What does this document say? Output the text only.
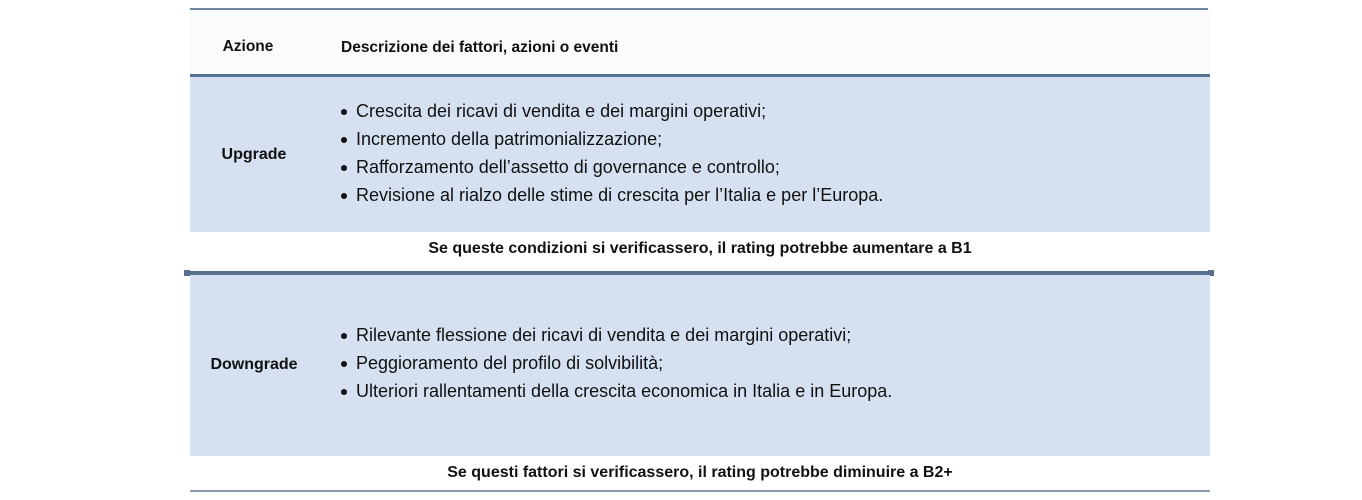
Azione	Descrizione dei fattori, azioni o eventi
Upgrade
Crescita dei ricavi di vendita e dei margini operativi;
Incremento della patrimonializzazione;
Rafforzamento dell’assetto di governance e controllo;
Revisione al rialzo delle stime di crescita per l’Italia e per l’Europa.
Se queste condizioni si verificassero, il rating potrebbe aumentare a B1
Downgrade
Rilevante flessione dei ricavi di vendita e dei margini operativi;
Peggioramento del profilo di solvibilità;
Ulteriori rallentamenti della crescita economica in Italia e in Europa.
Se questi fattori si verificassero, il rating potrebbe diminuire a B2+
